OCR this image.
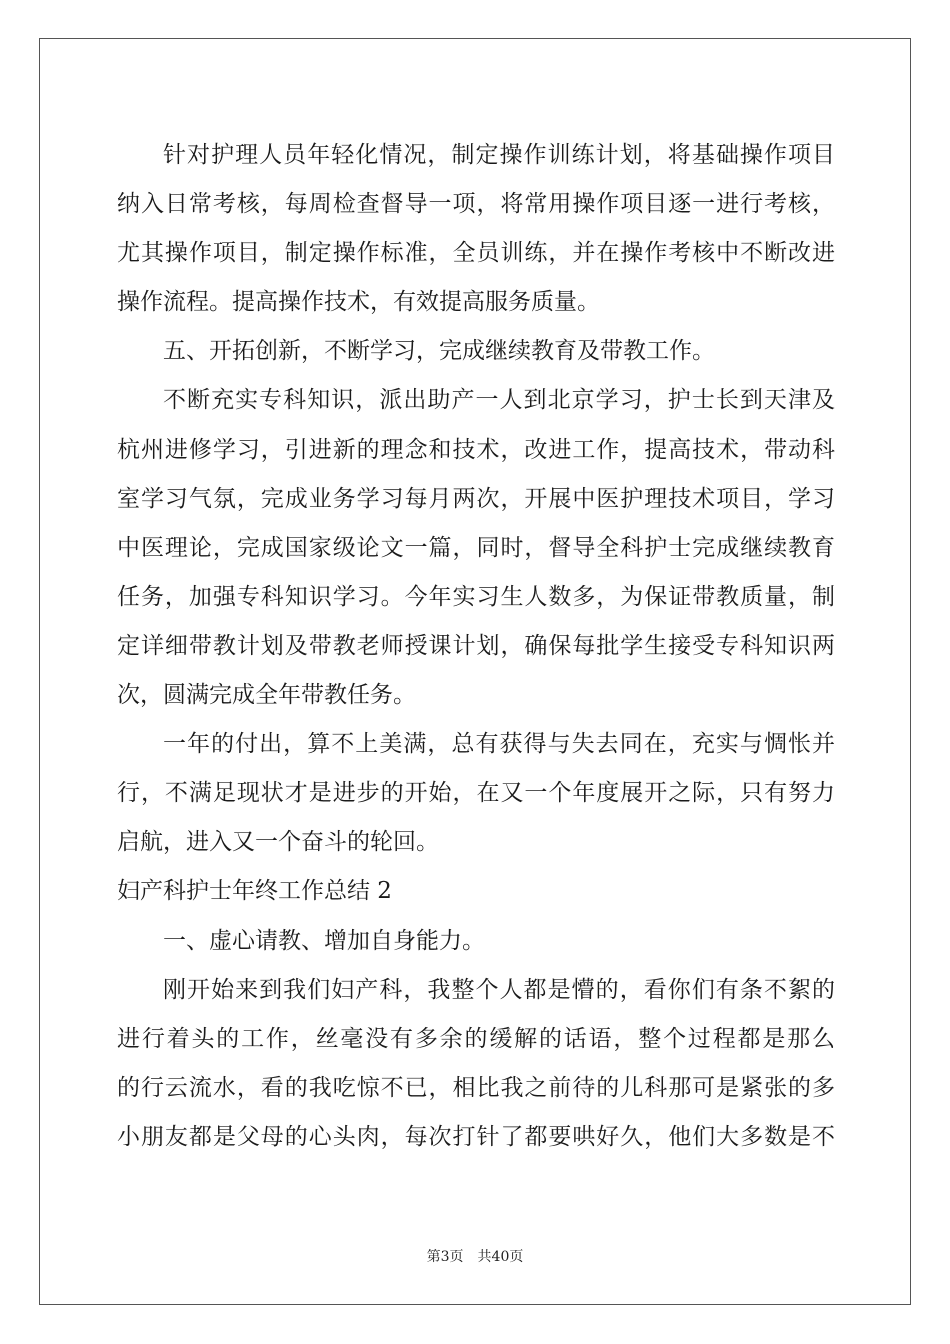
针对护理人员年轻化情况，制定操作训练计划，将基础操作项目
纳入日常考核，每周检查督导一项，将常用操作项目逐一进行考核，
尤其操作项目，制定操作标准，全员训练，并在操作考核中不断改进
操作流程。提高操作技术，有效提高服务质量。
五、开拓创新，不断学习，完成继续教育及带教工作。
不断充实专科知识，派出助产一人到北京学习，护士长到天津及
杭州进修学习，引进新的理念和技术，改进工作，提高技术，带动科
室学习气氛，完成业务学习每月两次，开展中医护理技术项目，学习
中医理论，完成国家级论文一篇，同时，督导全科护士完成继续教育
任务，加强专科知识学习。今年实习生人数多，为保证带教质量，制
定详细带教计划及带教老师授课计划，确保每批学生接受专科知识两
次，圆满完成全年带教任务。
一年的付出，算不上美满，总有获得与失去同在，充实与惆怅并
行，不满足现状才是进步的开始，在又一个年度展开之际，只有努力
启航，进入又一个奋斗的轮回。
妇产科护士年终工作总结 2
一、虚心请教、增加自身能力。
刚开始来到我们妇产科，我整个人都是懵的，看你们有条不絮的
进行着头的工作，丝毫没有多余的缓解的话语，整个过程都是那么
的行云流水，看的我吃惊不已，相比我之前待的儿科那可是紧张的多
小朋友都是父母的心头肉，每次打针了都要哄好久，他们大多数是不
第3页 共40页
